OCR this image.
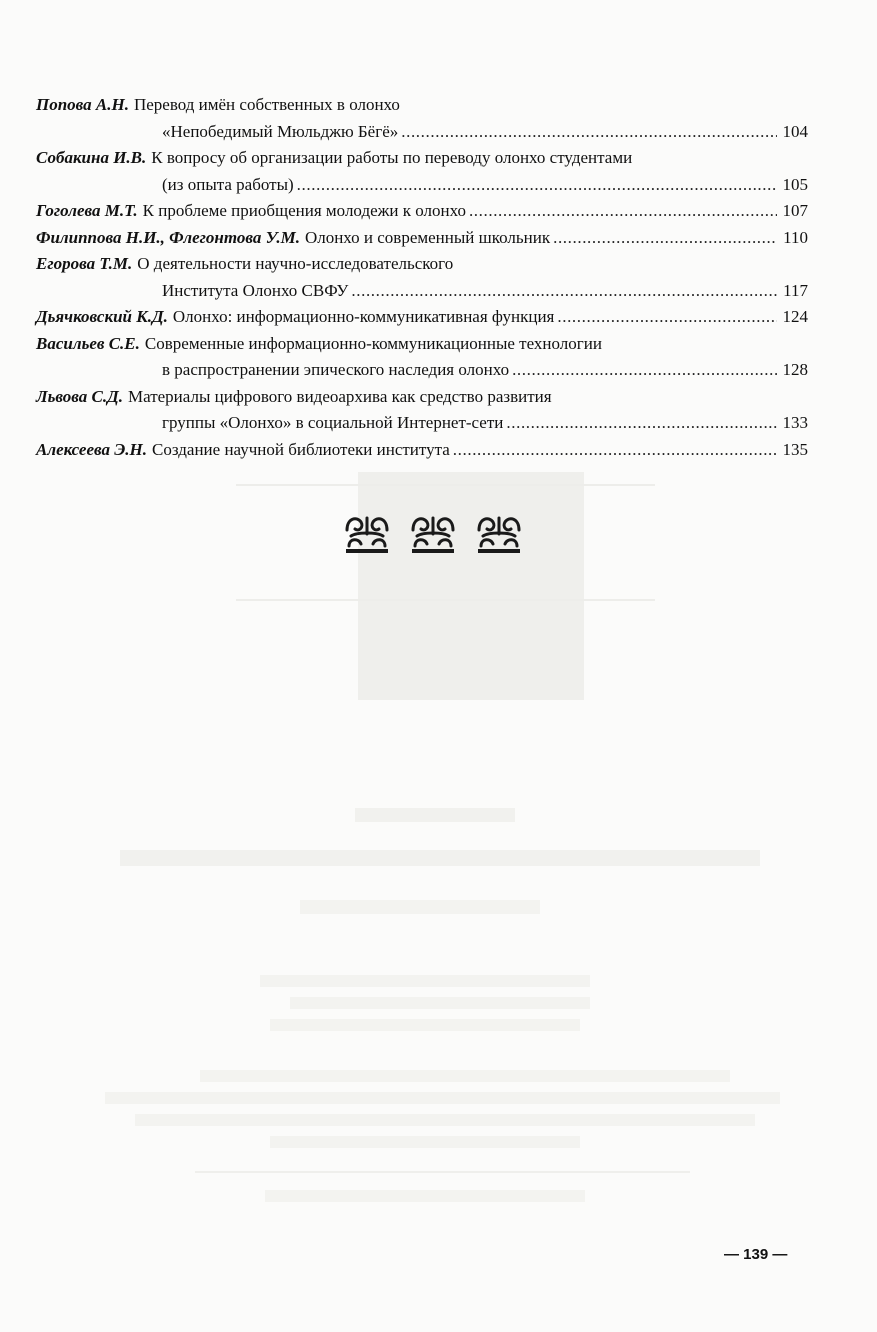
Попова А.Н. Перевод имён собственных в олонхо
«Непобедимый Мюльджю Бёгё» .....	104
Собакина И.В. К вопросу об организации работы по переводу олонхо студентами
(из опыта работы) .....	105
Гоголева М.Т. К проблеме приобщения молодежи к олонхо .....	107
Филиппова Н.И., Флегонтова У.М. Олонхо и современный школьник .....	110
Егорова Т.М. О деятельности научно-исследовательского
Института Олонхо СВФУ .....	117
Дьячковский К.Д. Олонхо: информационно-коммуникативная функция .....	124
Васильев С.Е. Современные информационно-коммуникационные технологии
в распространении эпического наследия олонхо .....	128
Львова С.Д. Материалы цифрового видеоархива как средство развития
группы «Олонхо» в социальной Интернет-сети .....	133
Алексеева Э.Н. Создание научной библиотеки института .....	135
— 139 —
